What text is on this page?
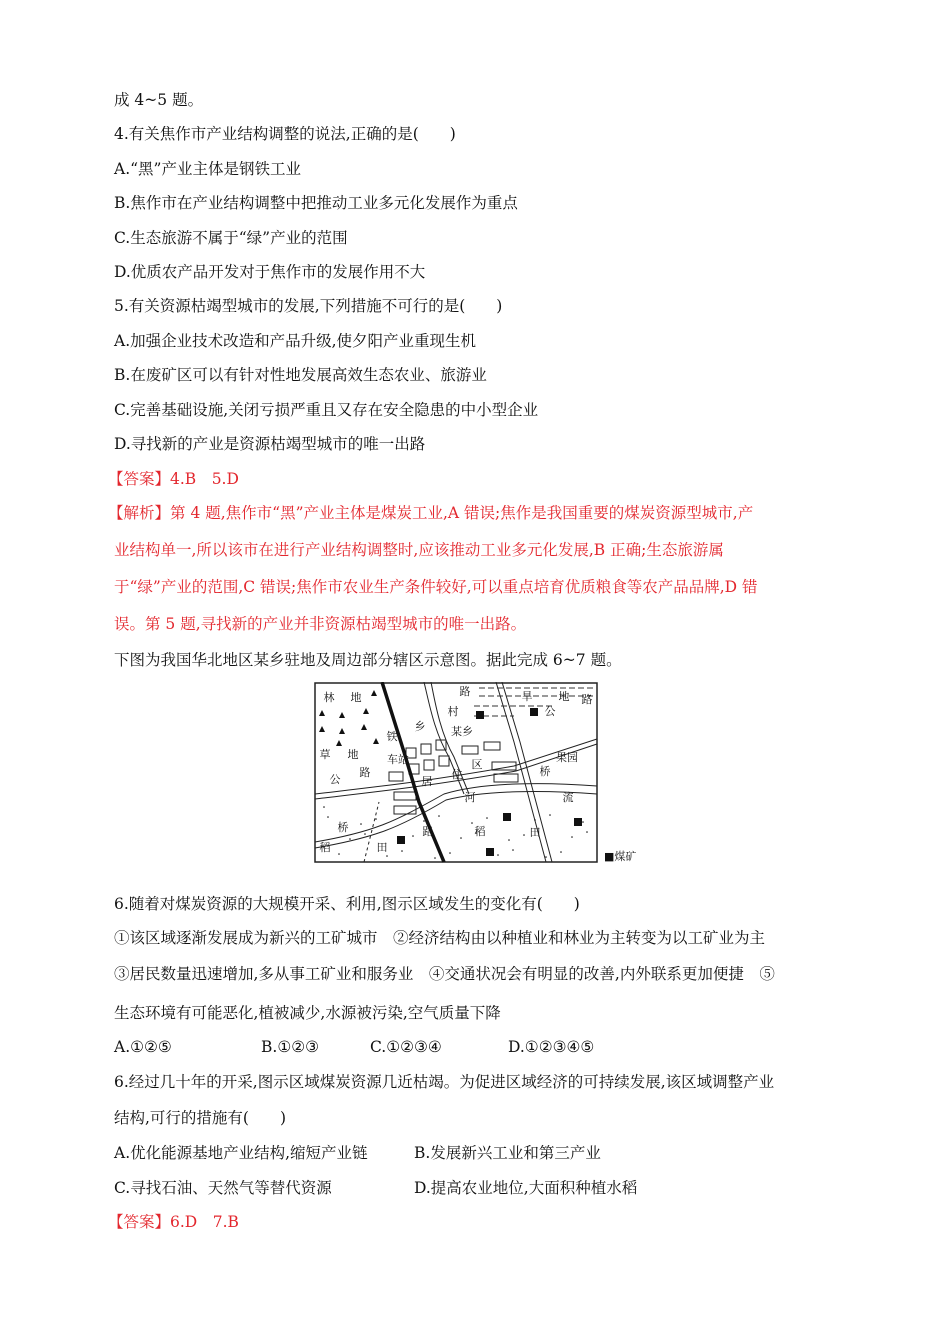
成 4~5 题。
4.有关焦作市产业结构调整的说法,正确的是(　　)
A.“黑”产业主体是钢铁工业
B.焦作市在产业结构调整中把推动工业多元化发展作为重点
C.生态旅游不属于“绿”产业的范围
D.优质农产品开发对于焦作市的发展作用不大
5.有关资源枯竭型城市的发展,下列措施不可行的是(　　)
A.加强企业技术改造和产品升级,使夕阳产业重现生机
B.在废矿区可以有针对性地发展高效生态农业、旅游业
C.完善基础设施,关闭亏损严重且又存在安全隐患的中小型企业
D.寻找新的产业是资源枯竭型城市的唯一出路
【答案】4.B　5.D
【解析】第 4 题,焦作市“黑”产业主体是煤炭工业,A 错误;焦作是我国重要的煤炭资源型城市,产
业结构单一,所以该市在进行产业结构调整时,应该推动工业多元化发展,B 正确;生态旅游属
于“绿”产业的范围,C 错误;焦作市农业生产条件较好,可以重点培育优质粮食等农产品品牌,D 错
误。第 5 题,寻找新的产业并非资源枯竭型城市的唯一出路。
下图为我国华北地区某乡驻地及周边部分辖区示意图。据此完成 6~7 题。
林 地	路
村
旱 地 路
公
乡 某乡
铁
车站
草 地
路
公	居
住
区
果园
桥
河	流
桥	路	稻	田
稻	田
■煤矿
6.随着对煤炭资源的大规模开采、利用,图示区域发生的变化有(　　)
①该区域逐渐发展成为新兴的工矿城市　②经济结构由以种植业和林业为主转变为以工矿业为主
③居民数量迅速增加,多从事工矿业和服务业　④交通状况会有明显的改善,内外联系更加便捷　⑤
生态环境有可能恶化,植被减少,水源被污染,空气质量下降
A.①②⑤	B.①②③	C.①②③④	D.①②③④⑤
6.经过几十年的开采,图示区域煤炭资源几近枯竭。为促进区域经济的可持续发展,该区域调整产业
结构,可行的措施有(　　)
A.优化能源基地产业结构,缩短产业链	B.发展新兴工业和第三产业
C.寻找石油、天然气等替代资源	D.提高农业地位,大面积种植水稻
【答案】6.D　7.B
